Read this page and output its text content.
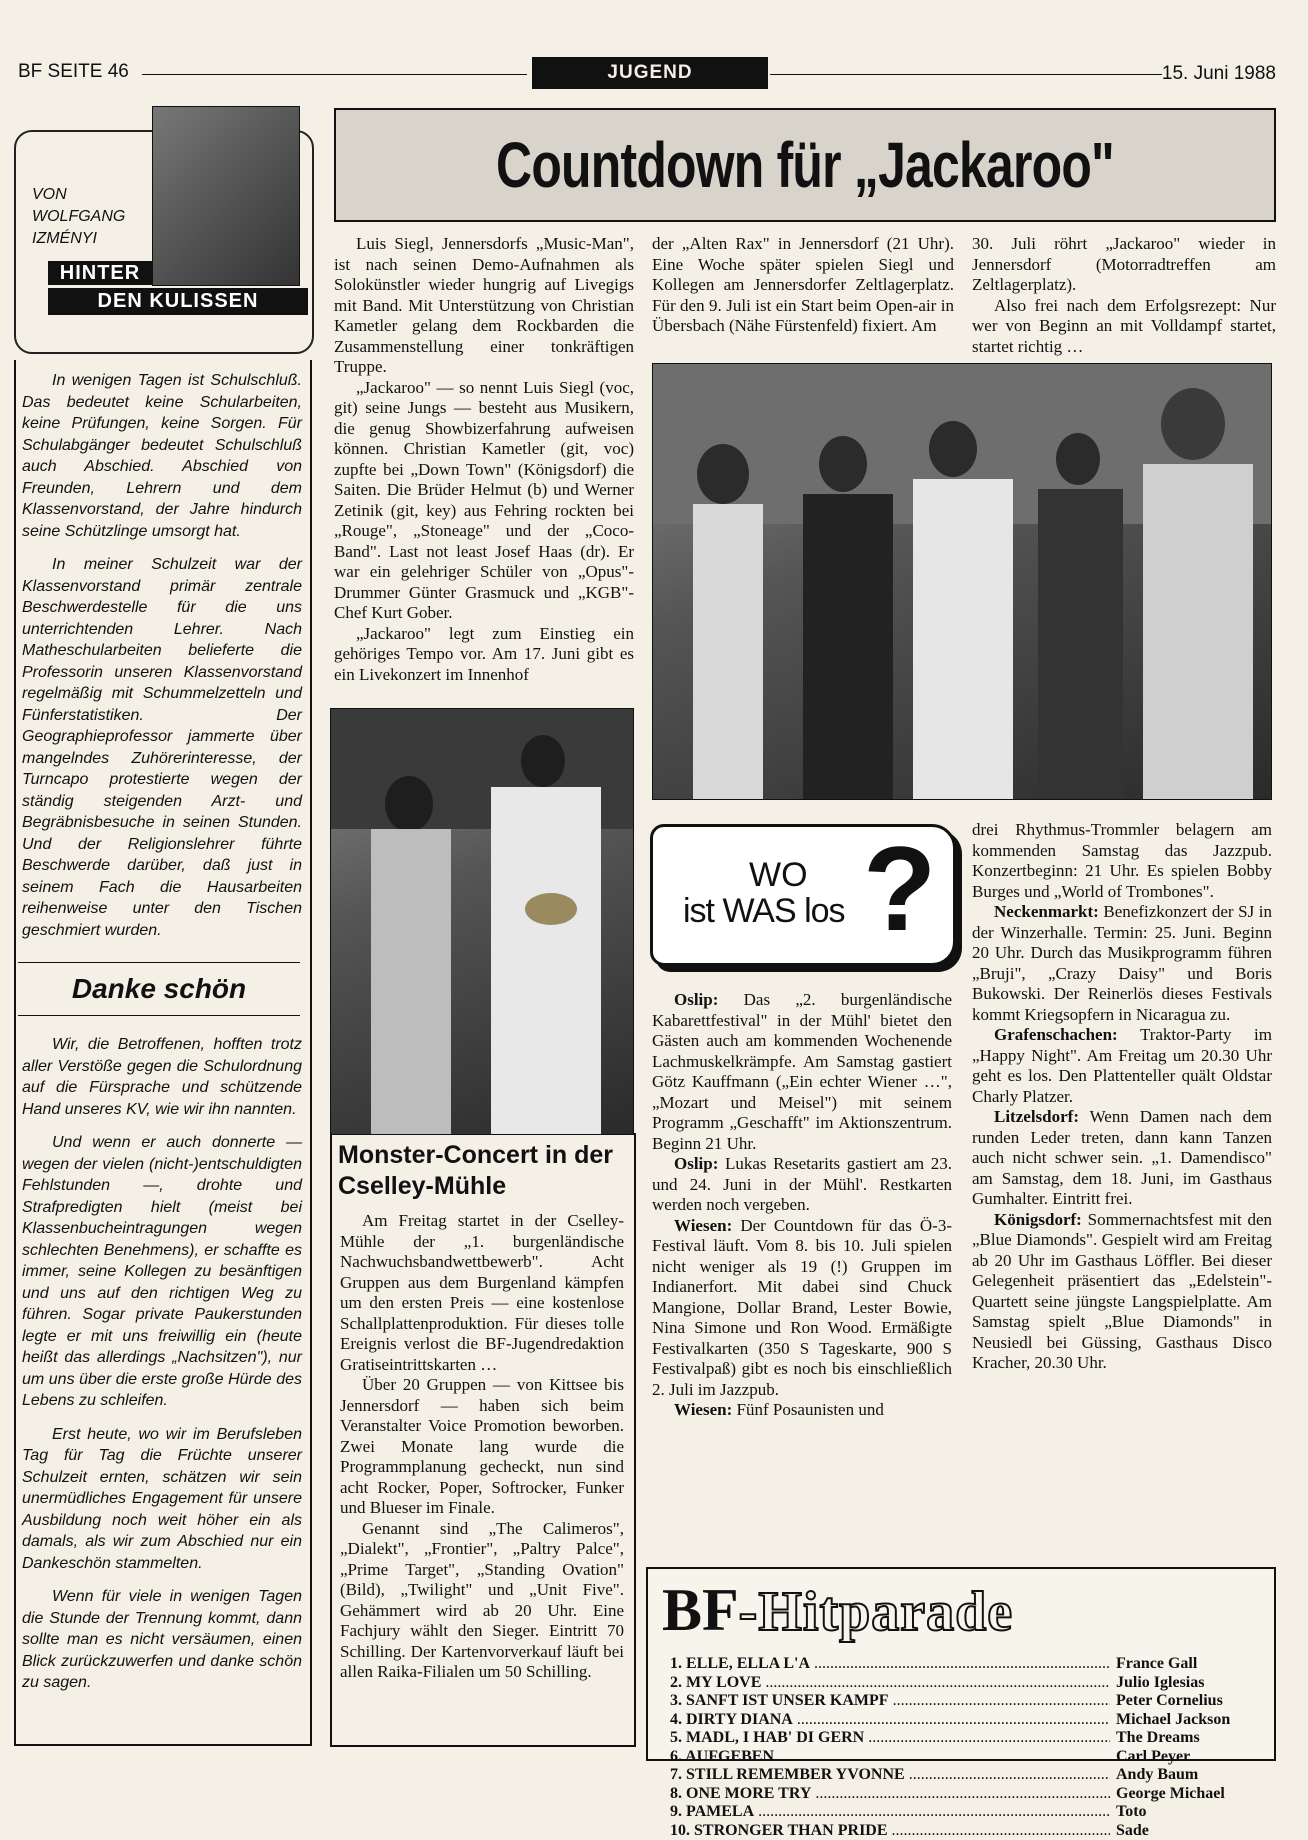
BF SEITE 46	JUGEND	15. Juni 1988
VON
WOLFGANG
IZMÉNYI
HINTER
DEN KULISSEN

In wenigen Tagen ist Schulschluß. Das bedeutet keine Schularbeiten, keine Prüfungen, keine Sorgen. Für Schulabgänger bedeutet Schulschluß auch Abschied. Abschied von Freunden, Lehrern und dem Klassenvorstand, der Jahre hindurch seine Schützlinge umsorgt hat.

In meiner Schulzeit war der Klassenvorstand primär zentrale Beschwerdestelle für die uns unterrichtenden Lehrer. Nach Matheschularbeiten belieferte die Professorin unseren Klassenvorstand regelmäßig mit Schummelzetteln und Fünferstatistiken. Der Geographieprofessor jammerte über mangelndes Zuhörerinteresse, der Turncapo protestierte wegen der ständig steigenden Arzt- und Begräbnisbesuche in seinen Stunden. Und der Religionslehrer führte Beschwerde darüber, daß just in seinem Fach die Hausarbeiten reihenweise unter den Tischen geschmiert wurden.

Danke schön

Wir, die Betroffenen, hofften trotz aller Verstöße gegen die Schulordnung auf die Fürsprache und schützende Hand unseres KV, wie wir ihn nannten.

Und wenn er auch donnerte — wegen der vielen (nicht-)entschuldigten Fehlstunden —, drohte und Strafpredigten hielt (meist bei Klassenbucheintragungen wegen schlechten Benehmens), er schaffte es immer, seine Kollegen zu besänftigen und uns auf den richtigen Weg zu führen. Sogar private Paukerstunden legte er mit uns freiwillig ein (heute heißt das allerdings „Nachsitzen"), nur um uns über die erste große Hürde des Lebens zu schleifen.

Erst heute, wo wir im Berufsleben Tag für Tag die Früchte unserer Schulzeit ernten, schätzen wir sein unermüdliches Engagement für unsere Ausbildung noch weit höher ein als damals, als wir zum Abschied nur ein Dankeschön stammelten.

Wenn für viele in wenigen Tagen die Stunde der Trennung kommt, dann sollte man es nicht versäumen, einen Blick zurückzuwerfen und danke schön zu sagen.

Countdown für „Jackaroo"

Luis Siegl, Jennersdorfs „Music-Man", ist nach seinen Demo-Aufnahmen als Solokünstler wieder hungrig auf Livegigs mit Band. Mit Unterstützung von Christian Kametler gelang dem Rockbarden die Zusammenstellung einer tonkräftigen Truppe.

„Jackaroo" — so nennt Luis Siegl (voc, git) seine Jungs — besteht aus Musikern, die genug Showbizerfahrung aufweisen können. Christian Kametler (git, voc) zupfte bei „Down Town" (Königsdorf) die Saiten. Die Brüder Helmut (b) und Werner Zetinik (git, key) aus Fehring rockten bei „Rouge", „Stoneage" und der „Coco-Band". Last not least Josef Haas (dr). Er war ein gelehriger Schüler von „Opus"-Drummer Günter Grasmuck und „KGB"-Chef Kurt Gober.

„Jackaroo" legt zum Einstieg ein gehöriges Tempo vor. Am 17. Juni gibt es ein Livekonzert im Innenhof

der „Alten Rax" in Jennersdorf (21 Uhr). Eine Woche später spielen Siegl und Kollegen am Jennersdorfer Zeltlagerplatz. Für den 9. Juli ist ein Start beim Open-air in Übersbach (Nähe Fürstenfeld) fixiert. Am

30. Juli röhrt „Jackaroo" wieder in Jennersdorf (Motorradtreffen am Zeltlagerplatz).

Also frei nach dem Erfolgsrezept: Nur wer von Beginn an mit Volldampf startet, startet richtig …

Monster-Concert in der Cselley-Mühle

Am Freitag startet in der Cselley-Mühle der „1. burgenländische Nachwuchsbandwettbewerb". Acht Gruppen aus dem Burgenland kämpfen um den ersten Preis — eine kostenlose Schallplattenproduktion. Für dieses tolle Ereignis verlost die BF-Jugendredaktion Gratiseintrittskarten …

Über 20 Gruppen — von Kittsee bis Jennersdorf — haben sich beim Veranstalter Voice Promotion beworben. Zwei Monate lang wurde die Programmplanung gecheckt, nun sind acht Rocker, Poper, Softrocker, Funker und Blueser im Finale.

Genannt sind „The Calimeros", „Dialekt", „Frontier", „Paltry Palce", „Prime Target", „Standing Ovation" (Bild), „Twilight" und „Unit Five". Gehämmert wird ab 20 Uhr. Eine Fachjury wählt den Sieger. Eintritt 70 Schilling. Der Kartenvorverkauf läuft bei allen Raika-Filialen um 50 Schilling.

WO
ist WAS los ?

Oslip: Das „2. burgenländische Kabarettfestival" in der Mühl' bietet den Gästen auch am kommenden Wochenende Lachmuskelkrämpfe. Am Samstag gastiert Götz Kauffmann („Ein echter Wiener …", „Mozart und Meisel") mit seinem Programm „Geschafft" im Aktionszentrum. Beginn 21 Uhr.

Oslip: Lukas Resetarits gastiert am 23. und 24. Juni in der Mühl'. Restkarten werden noch vergeben.

Wiesen: Der Countdown für das Ö-3-Festival läuft. Vom 8. bis 10. Juli spielen nicht weniger als 19 (!) Gruppen im Indianerfort. Mit dabei sind Chuck Mangione, Dollar Brand, Lester Bowie, Nina Simone und Ron Wood. Ermäßigte Festivalkarten (350 S Tageskarte, 900 S Festivalpaß) gibt es noch bis einschließlich 2. Juli im Jazzpub.

Wiesen: Fünf Posaunisten und

drei Rhythmus-Trommler belagern am kommenden Samstag das Jazzpub. Konzertbeginn: 21 Uhr. Es spielen Bobby Burges und „World of Trombones".

Neckenmarkt: Benefizkonzert der SJ in der Winzerhalle. Termin: 25. Juni. Beginn 20 Uhr. Durch das Musikprogramm führen „Bruji", „Crazy Daisy" und Boris Bukowski. Der Reinerlös dieses Festivals kommt Kriegsopfern in Nicaragua zu.

Grafenschachen: Traktor-Party im „Happy Night". Am Freitag um 20.30 Uhr geht es los. Den Plattenteller quält Oldstar Charly Platzer.

Litzelsdorf: Wenn Damen nach dem runden Leder treten, dann kann Tanzen auch nicht schwer sein. „1. Damendisco" am Samstag, dem 18. Juni, im Gasthaus Gumhalter. Eintritt frei.

Königsdorf: Sommernachtsfest mit den „Blue Diamonds". Gespielt wird am Freitag ab 20 Uhr im Gasthaus Löffler. Bei dieser Gelegenheit präsentiert das „Edelstein"-Quartett seine jüngste Langspielplatte. Am Samstag spielt „Blue Diamonds" in Neusiedl bei Güssing, Gasthaus Disco Kracher, 20.30 Uhr.

BF-Hitparade
1. ELLE, ELLA L'A .....	France Gall
2. MY LOVE .....	Julio Iglesias
3. SANFT IST UNSER KAMPF .....	Peter Cornelius
4. DIRTY DIANA .....	Michael Jackson
5. MADL, I HAB' DI GERN .....	The Dreams
6. AUFGEBEN .....	Carl Peyer
7. STILL REMEMBER YVONNE .....	Andy Baum
8. ONE MORE TRY .....	George Michael
9. PAMELA .....	Toto
10. STRONGER THAN PRIDE .....	Sade
